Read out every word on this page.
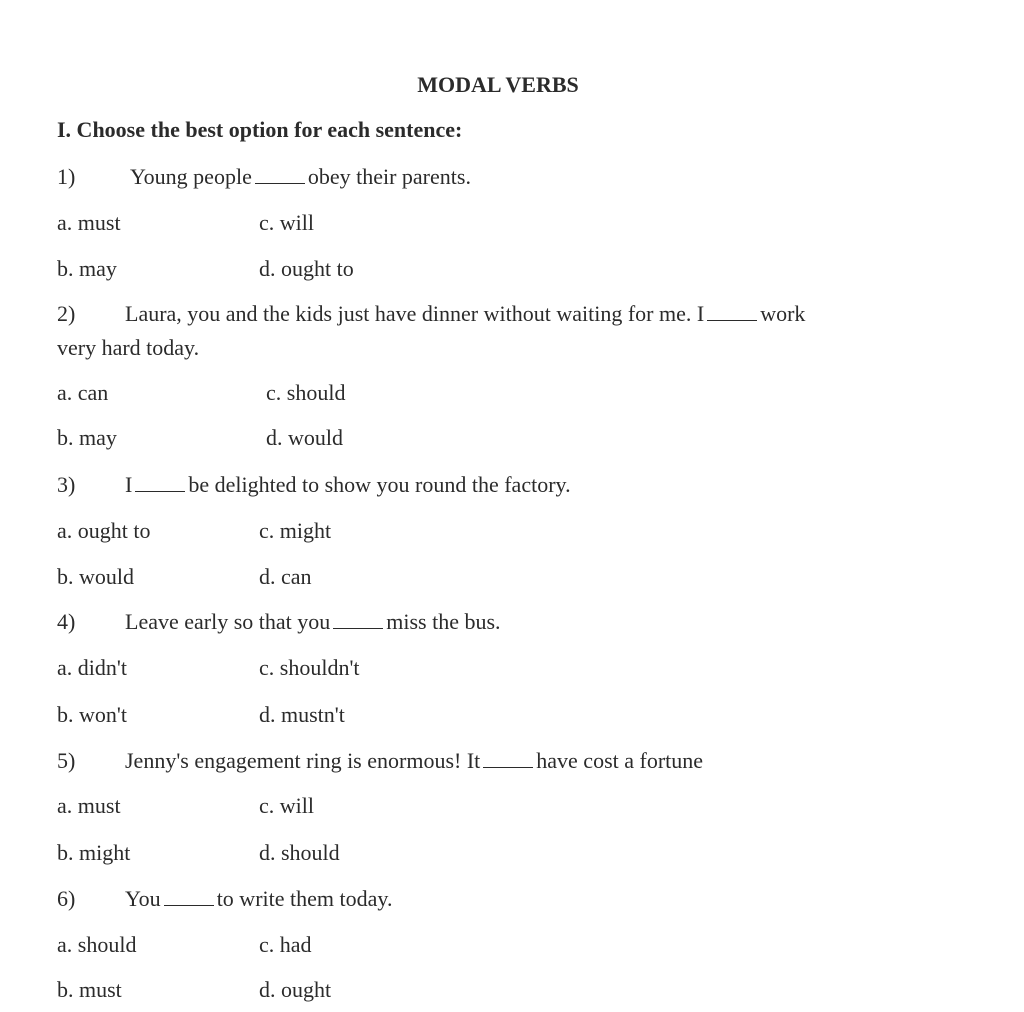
MODAL VERBS
I. Choose the best option for each sentence:
1) Young people	obey their parents.
a. must	c. will
b. may	d. ought to
2) Laura, you and the kids just have dinner without waiting for me. I	work
very hard today.
a. can	c. should
b. may	d. would
3) I	be delighted to show you round the factory.
a. ought to	c. might
b. would	d. can
4) Leave early so that you	miss the bus.
a. didn't	c. shouldn't
b. won't	d. mustn't
5) Jenny's engagement ring is enormous! It	have cost a fortune
a. must	c. will
b. might	d. should
6) You	to write them today.
a. should	c. had
b. must	d. ought
